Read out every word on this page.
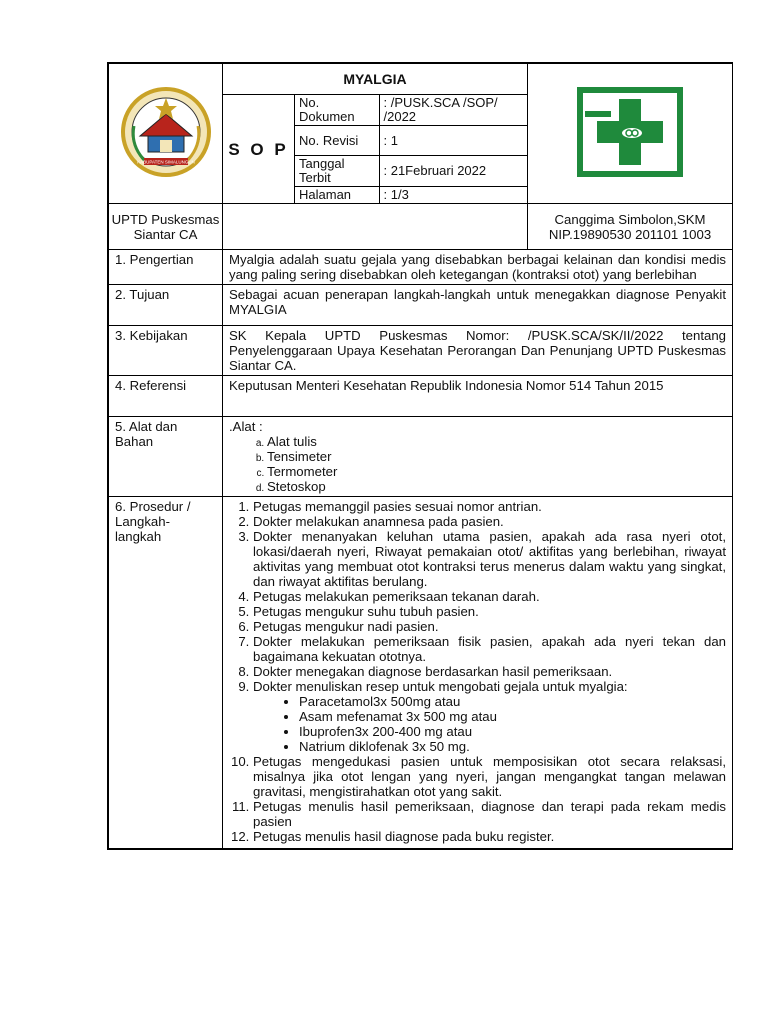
KABUPATEN SIMALUNGUN
	MYALGIA	
S O P	
No. Dokumen	: /PUSK.SCA /SOP/ /2022
No. Revisi	: 1
Tanggal Terbit	: 21Februari 2022
Halaman	: 1/3

UPTD Puskesmas Siantar CA		
Canggima Simbolon,SKM
NIP.19890530 201101 1003

1. Pengertian	Myalgia adalah suatu gejala yang disebabkan berbagai kelainan dan kondisi medis yang paling sering disebabkan oleh ketegangan (kontraksi otot) yang berlebihan
2. Tujuan	Sebagai acuan penerapan langkah-langkah untuk menegakkan diagnose Penyakit MYALGIA
3. Kebijakan	SK Kepala UPTD Puskesmas Nomor: /PUSK.SCA/SK/II/2022 tentang Penyelenggaraan Upaya Kesehatan Perorangan Dan Penunjang UPTD Puskesmas Siantar CA.
4. Referensi	Keputusan Menteri Kesehatan Republik Indonesia Nomor 514 Tahun 2015
5. Alat dan Bahan	
.Alat :
a. Alat tulis
b. Tensimeter
c. Termometer
d. Stetoskop

6. Prosedur / Langkah-langkah	
1. Petugas memanggil pasies sesuai nomor antrian.
2. Dokter melakukan anamnesa pada pasien.
3. Dokter menanyakan keluhan utama pasien, apakah ada rasa nyeri otot, lokasi/daerah nyeri, Riwayat pemakaian otot/ aktifitas yang berlebihan, riwayat aktivitas yang membuat otot kontraksi terus menerus dalam waktu yang singkat, dan riwayat aktifitas berulang.
4. Petugas melakukan pemeriksaan tekanan darah.
5. Petugas mengukur suhu tubuh pasien.
6. Petugas mengukur nadi pasien.
7. Dokter melakukan pemeriksaan fisik pasien, apakah ada nyeri tekan dan bagaimana kekuatan ototnya.
8. Dokter menegakan diagnose berdasarkan hasil pemeriksaan.
9. Dokter menuliskan resep untuk mengobati gejala untuk myalgia:
• Paracetamol3x 500mg atau
• Asam mefenamat 3x 500 mg atau
• Ibuprofen3x 200-400 mg atau
• Natrium diklofenak 3x 50 mg.
10. Petugas mengedukasi pasien untuk memposisikan otot secara relaksasi, misalnya jika otot lengan yang nyeri, jangan mengangkat tangan melawan gravitasi, mengistirahatkan otot yang sakit.
11. Petugas menulis hasil pemeriksaan, diagnose dan terapi pada rekam medis pasien
12. Petugas menulis hasil diagnose pada buku register.
